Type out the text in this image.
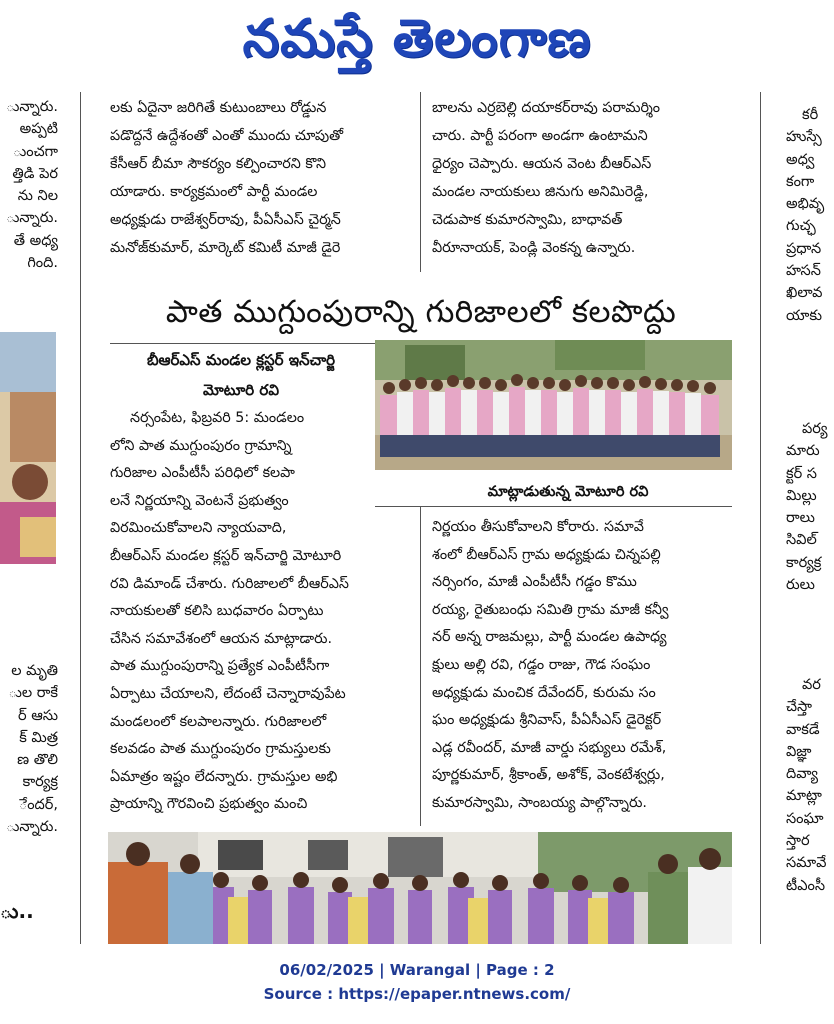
నమస్తే తెలంగాణ

ున్నారు.

అప్పటి

ుంచగా

త్తిడి పెర

ను నిల

ున్నారు.

తే అధ్య

గింది.

ల మృతి

ుల రాకే

ర్ ఆసు

క్ మిత్ర

ణ తొలి

కార్యక్ర

ేందర్,

ున్నారు.

ు..

లకు ఏదైనా జరిగితే కుటుంబాలు రోడ్డున

పడొద్దనే ఉద్దేశంతో ఎంతో ముందు చూపుతో

కేసీఆర్ బీమా సౌకర్యం కల్పించారని కొని

యాడారు. కార్యక్రమంలో పార్టీ మండల

అధ్యక్షుడు రాజేశ్వర్‌రావు, పీఏసీఎస్ చైర్మన్

మనోజ్‌కుమార్, మార్కెట్ కమిటీ మాజీ డైరె

బాలను ఎర్రబెల్లి దయాకర్‌రావు పరామర్శిం

చారు. పార్టీ పరంగా అండగా ఉంటామని

ధైర్యం చెప్పారు. ఆయన వెంట బీఆర్‌ఎస్

మండల నాయకులు జినుగు అనిమిరెడ్డి,

చెడుపాక కుమారస్వామి, బాధావత్

వీరూనాయక్, పెండ్లి వెంకన్న ఉన్నారు.

పాత ముగ్దుంపురాన్ని గురిజాలలో కలపొద్దు
బీఆర్‌ఎస్ మండల క్లస్టర్ ఇన్‌చార్జి
మోటూరి రవి
మాట్లాడుతున్న మోటూరి రవి

నర్సంపేట, ఫిబ్రవరి 5: మండలం

లోని పాత ముగ్దుంపురం గ్రామాన్ని

గురిజాల ఎంపీటీసీ పరిధిలో కలపా

లనే నిర్ణయాన్ని వెంటనే ప్రభుత్వం

విరమించుకోవాలని న్యాయవాది,

బీఆర్‌ఎస్ మండల క్లస్టర్ ఇన్‌చార్జి మోటూరి

రవి డిమాండ్ చేశారు. గురిజాలలో బీఆర్‌ఎస్

నాయకులతో కలిసి బుధవారం ఏర్పాటు

చేసిన సమావేశంలో ఆయన మాట్లాడారు.

పాత ముగ్దుంపురాన్ని ప్రత్యేక ఎంపీటీసీగా

ఏర్పాటు చేయాలని, లేదంటే చెన్నారావుపేట

మండలంలో కలపాలన్నారు. గురిజాలలో

కలవడం పాత ముగ్దుంపురం గ్రామస్తులకు

ఏమాత్రం ఇష్టం లేదన్నారు. గ్రామస్తుల అభి

ప్రాయాన్ని గౌరవించి ప్రభుత్వం మంచి

నిర్ణయం తీసుకోవాలని కోరారు. సమావే

శంలో బీఆర్‌ఎస్ గ్రామ అధ్యక్షుడు చిన్నపల్లి

నర్సింగం, మాజీ ఎంపీటీసీ గడ్డం కొము

రయ్య, రైతుబంధు సమితి గ్రామ మాజీ కన్వీ

నర్ అన్న రాజమల్లు, పార్టీ మండల ఉపాధ్య

క్షులు అల్లి రవి, గడ్డం రాజు, గౌడ సంఘం

అధ్యక్షుడు మంచిక దేవేందర్, కురుమ సం

ఘం అధ్యక్షుడు శ్రీనివాస్, పీఏసీఎస్ డైరెక్టర్

ఎడ్ల రవీందర్, మాజీ వార్డు సభ్యులు రమేశ్,

పూర్ణకుమార్, శ్రీకాంత్, అశోక్, వెంకటేశ్వర్లు,

కుమారస్వామి, సాంబయ్య పాల్గొన్నారు.

కరీ

హుస్సే

అధ్వ

కంగా

అభివృ

గుచ్ఛ

ప్రధాన

హసన్

ఖిలావ

యాకు

పర్య

మారు

క్టర్ స

మిల్లు

రాలు

సివిల్

కార్యక్ర

రులు

వర

చేస్తా

వాకడే

విజ్ఞా

దివ్యా

మాట్లా

సంఘా

స్తార

సమావే

టీఎంసీ

06/02/2025 | Warangal | Page : 2
Source : https://epaper.ntnews.com/
